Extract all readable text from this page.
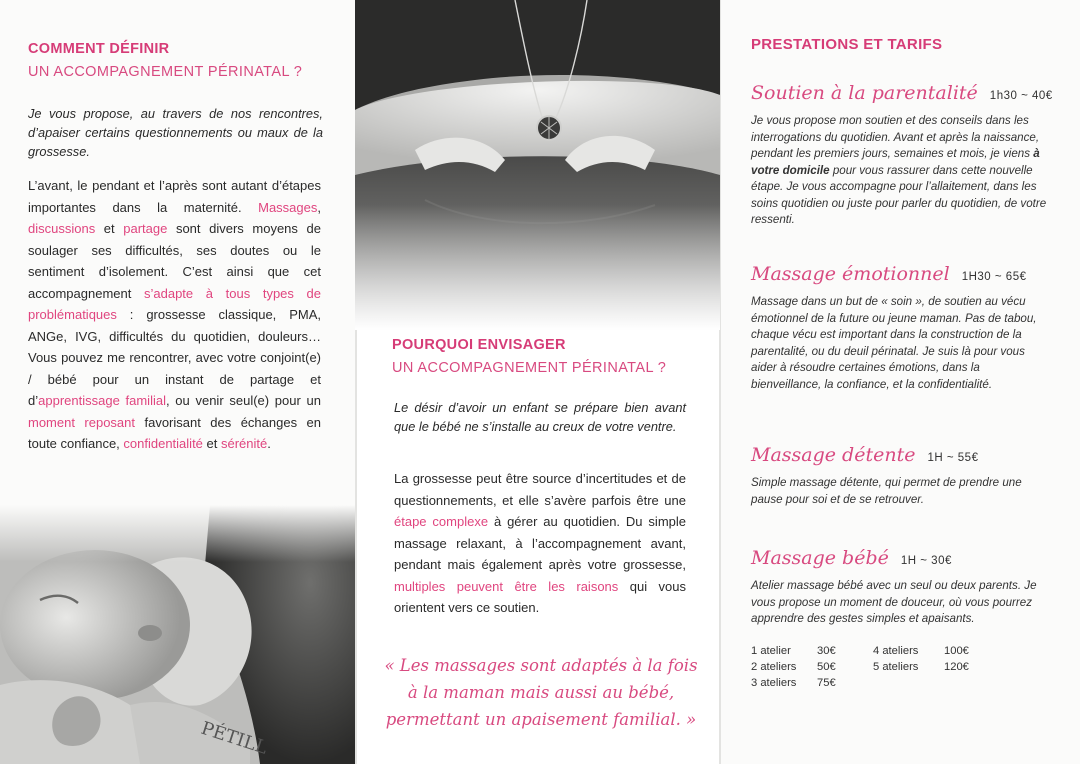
COMMENT DÉFINIR
UN ACCOMPAGNEMENT PÉRINATAL ?
Je vous propose, au travers de nos rencontres, d’apaiser certains questionnements ou maux de la grossesse.
L’avant, le pendant et l’après sont autant d’étapes importantes dans la maternité. Massages, discussions et partage sont divers moyens de soulager ses difficultés, ses doutes ou le sentiment d’isolement. C’est ainsi que cet accompagnement s’adapte à tous types de problématiques : grossesse classique, PMA, ANGe, IVG, difficultés du quotidien, douleurs… Vous pouvez me rencontrer, avec votre conjoint(e) / bébé pour un instant de partage et d’apprentissage familial, ou venir seul(e) pour un moment reposant favorisant des échanges en toute confiance, confidentialité et sérénité.
POURQUOI ENVISAGER
UN ACCOMPAGNEMENT PÉRINATAL ?
Le désir d’avoir un enfant se prépare bien avant que le bébé ne s’installe au creux de votre ventre.
La grossesse peut être source d’incertitudes et de questionnements, et elle s’avère parfois être une étape complexe à gérer au quotidien. Du simple massage relaxant, à l’accompagnement avant, pendant mais également après votre grossesse, multiples peuvent être les raisons qui vous orientent vers ce soutien.
« Les massages sont adaptés à la fois
à la maman mais aussi au bébé,
permettant un apaisement familial. »
PRESTATIONS ET TARIFS
Soutien à la parentalité 1h30 ~ 40€
Je vous propose mon soutien et des conseils dans les interrogations du quotidien. Avant et après la naissance, pendant les premiers jours, semaines et mois, je viens à votre domicile pour vous rassurer dans cette nouvelle étape. Je vous accompagne pour l’allaitement, dans les soins quotidien ou juste pour parler du quotidien, de votre ressenti.
Massage émotionnel 1H30 ~ 65€
Massage dans un but de « soin », de soutien au vécu émotionnel de la future ou jeune maman. Pas de tabou, chaque vécu est important dans la construction de la parentalité, ou du deuil périnatal. Je suis là pour vous aider à résoudre certaines émotions, dans la bienveillance, la confiance, et la confidentialité.
Massage détente 1H ~ 55€
Simple massage détente, qui permet de prendre une pause pour soi et de se retrouver.
Massage bébé 1H ~ 30€
Atelier massage bébé avec un seul ou deux parents. Je vous propose un moment de douceur, où vous pourrez apprendre des gestes simples et apaisants.
1 atelier
2 ateliers
3 ateliers
30€
50€
75€
4 ateliers
5 ateliers
100€
120€
